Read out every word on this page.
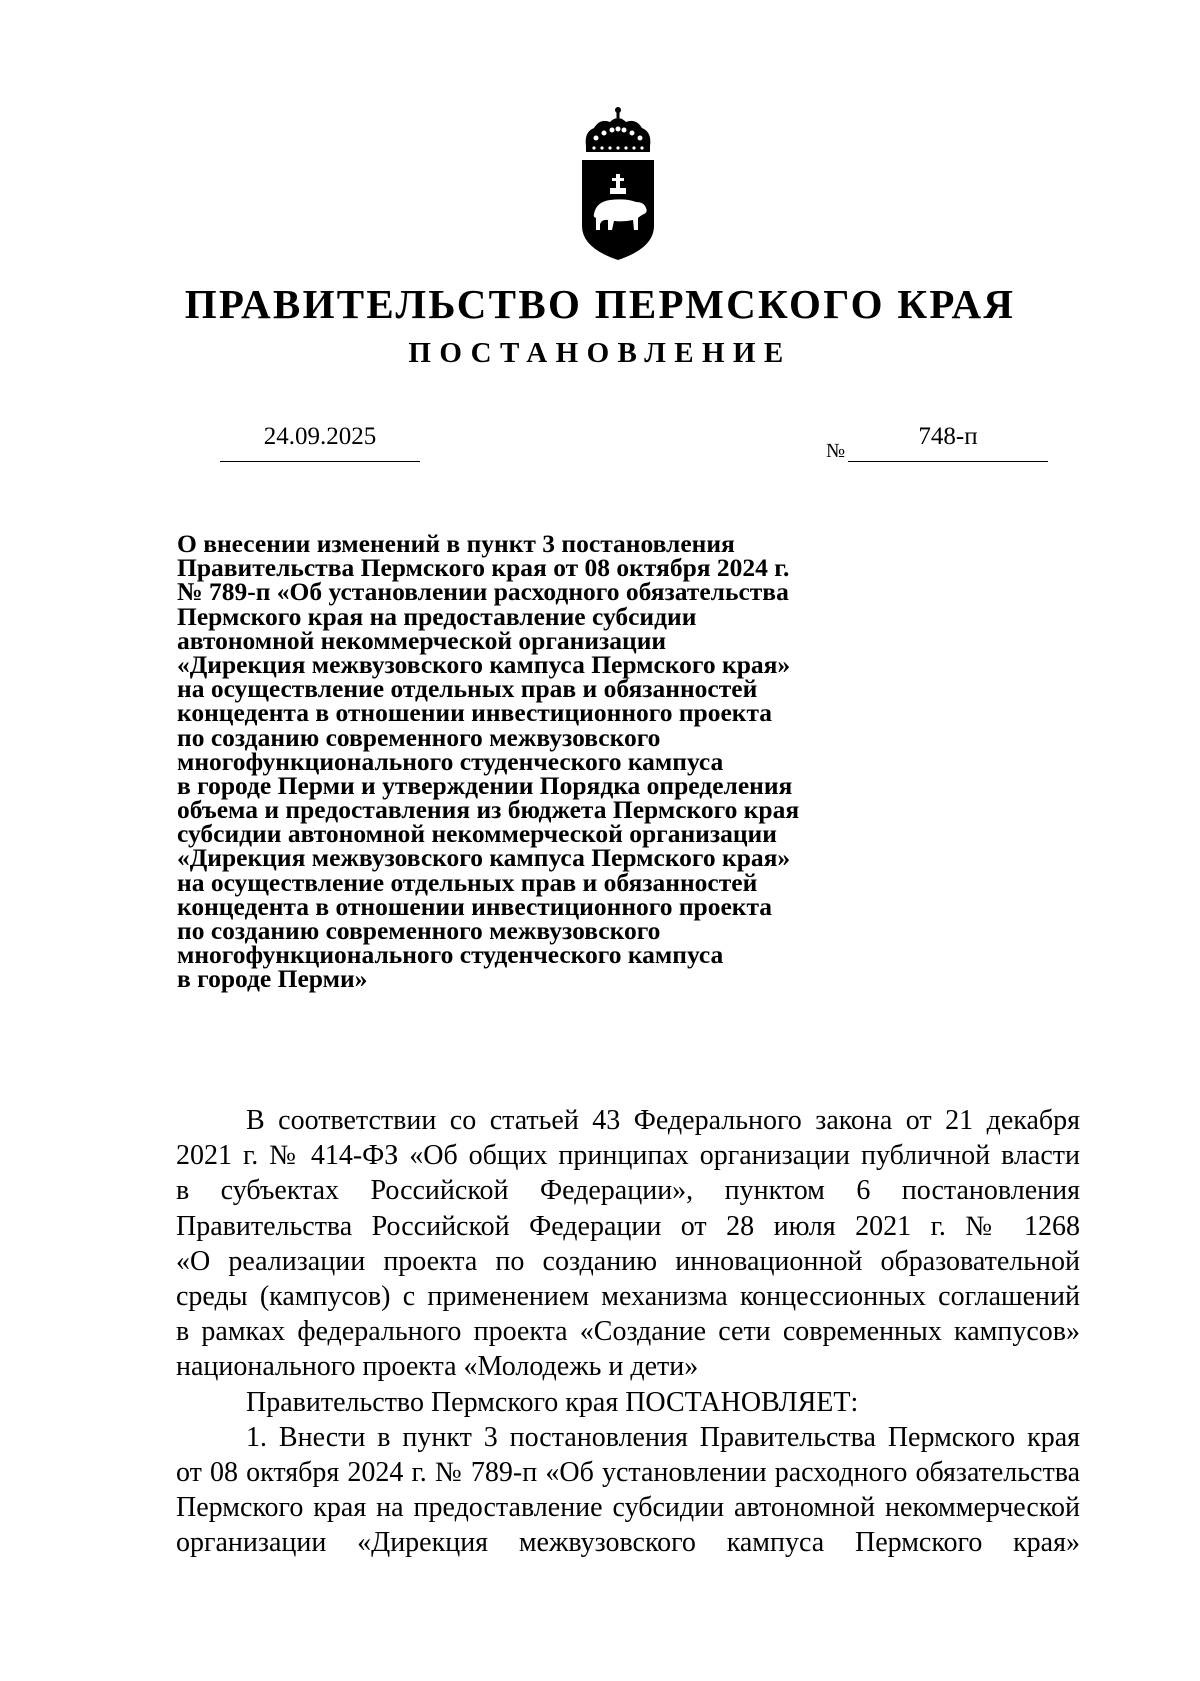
ПРАВИТЕЛЬСТВО ПЕРМСКОГО КРАЯ
ПОСТАНОВЛЕНИЕ
24.09.2025
№
748-п
О внесении изменений в пункт 3 постановления
Правительства Пермского края от 08 октября 2024 г.
№ 789-п «Об установлении расходного обязательства
Пермского края на предоставление субсидии
автономной некоммерческой организации
«Дирекция межвузовского кампуса Пермского края»
на осуществление отдельных прав и обязанностей
концедента в отношении инвестиционного проекта
по созданию современного межвузовского
многофункционального студенческого кампуса
в городе Перми и утверждении Порядка определения
объема и предоставления из бюджета Пермского края
субсидии автономной некоммерческой организации
«Дирекция межвузовского кампуса Пермского края»
на осуществление отдельных прав и обязанностей
концедента в отношении инвестиционного проекта
по созданию современного межвузовского
многофункционального студенческого кампуса
в городе Перми»
В соответствии со статьей 43 Федерального закона от 21 декабря
2021 г. № 414-ФЗ «Об общих принципах организации публичной власти
в субъектах Российской Федерации», пунктом 6 постановления
Правительства Российской Федерации от 28 июля 2021 г. № 1268
«О реализации проекта по созданию инновационной образовательной
среды (кампусов) с применением механизма концессионных соглашений
в рамках федерального проекта «Создание сети современных кампусов»
национального проекта «Молодежь и дети»
Правительство Пермского края ПОСТАНОВЛЯЕТ:
1. Внести в пункт 3 постановления Правительства Пермского края
от 08 октября 2024 г. № 789-п «Об установлении расходного обязательства
Пермского края на предоставление субсидии автономной некоммерческой
организации «Дирекция межвузовского кампуса Пермского края»
